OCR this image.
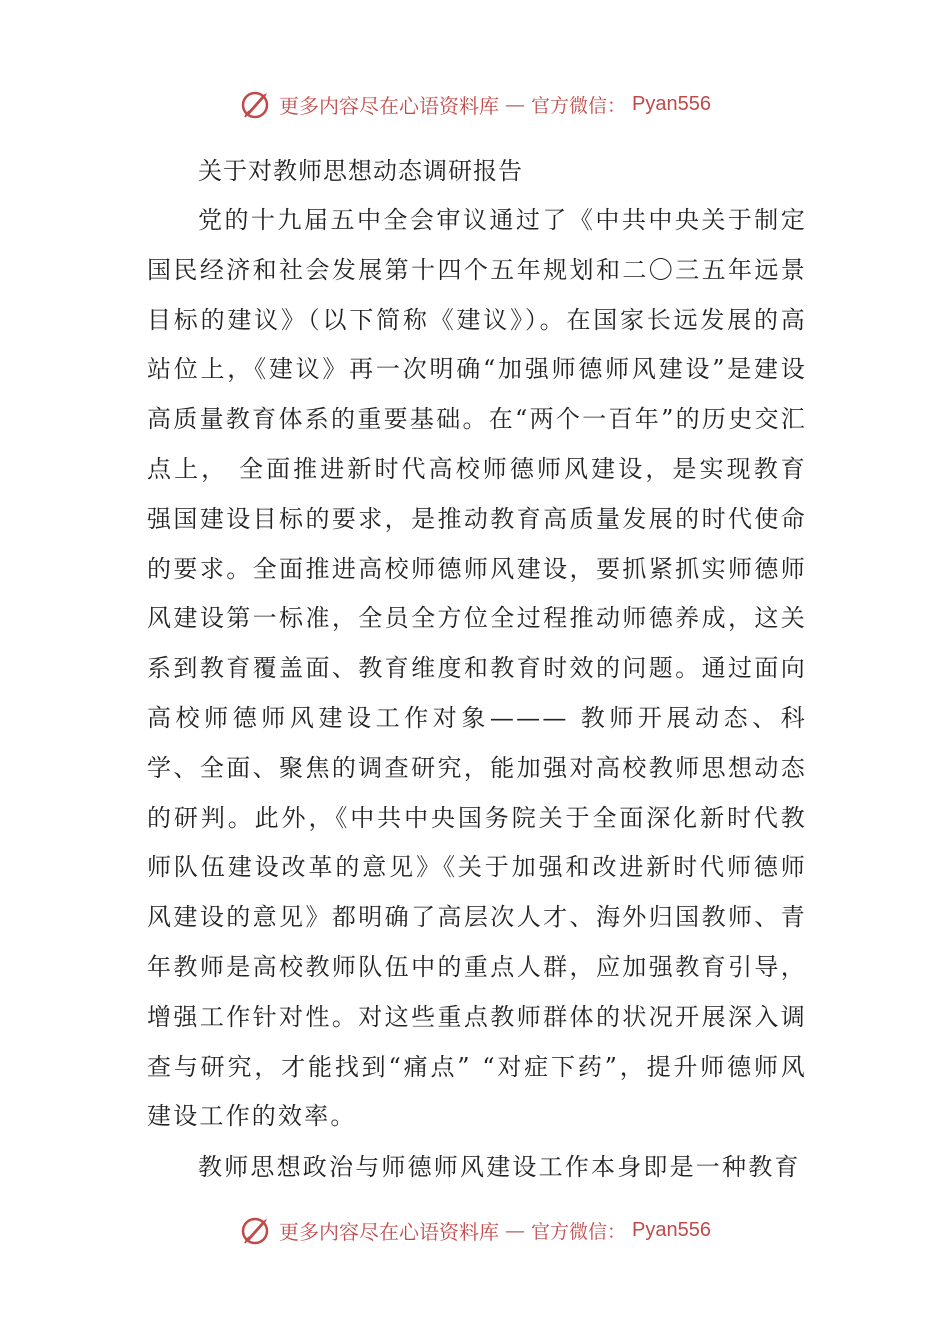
更多内容尽在心语资料库 — 官方微信： Pyan556
关于对教师思想动态调研报告

党的十九届五中全会审议通过了《中共中央关于制定国民经济和社会发展第十四个五年规划和二〇三五年远景目标的建议》（以下简称《建议》）。在国家长远发展的高站位上，《建议》再一次明确“加强师德师风建设”是建设高质量教育体系的重要基础。在“两个一百年”的历史交汇点上， 全面推进新时代高校师德师风建设，是实现教育强国建设目标的要求，是推动教育高质量发展的时代使命的要求。全面推进高校师德师风建设，要抓紧抓实师德师风建设第一标准，全员全方位全过程推动师德养成，这关系到教育覆盖面、教育维度和教育时效的问题。通过面向高校师德师风建设工作对象——— 教师开展动态、科学、全面、聚焦的调查研究，能加强对高校教师思想动态的研判。此外，《中共中央国务院关于全面深化新时代教师队伍建设改革的意见》《关于加强和改进新时代师德师风建设的意见》都明确了高层次人才、海外归国教师、青年教师是高校教师队伍中的重点人群，应加强教育引导，增强工作针对性。对这些重点教师群体的状况开展深入调查与研究，才能找到“痛点” “对症下药”，提升师德师风建设工作的效率。

教师思想政治与师德师风建设工作本身即是一种教育

更多内容尽在心语资料库 — 官方微信： Pyan556
